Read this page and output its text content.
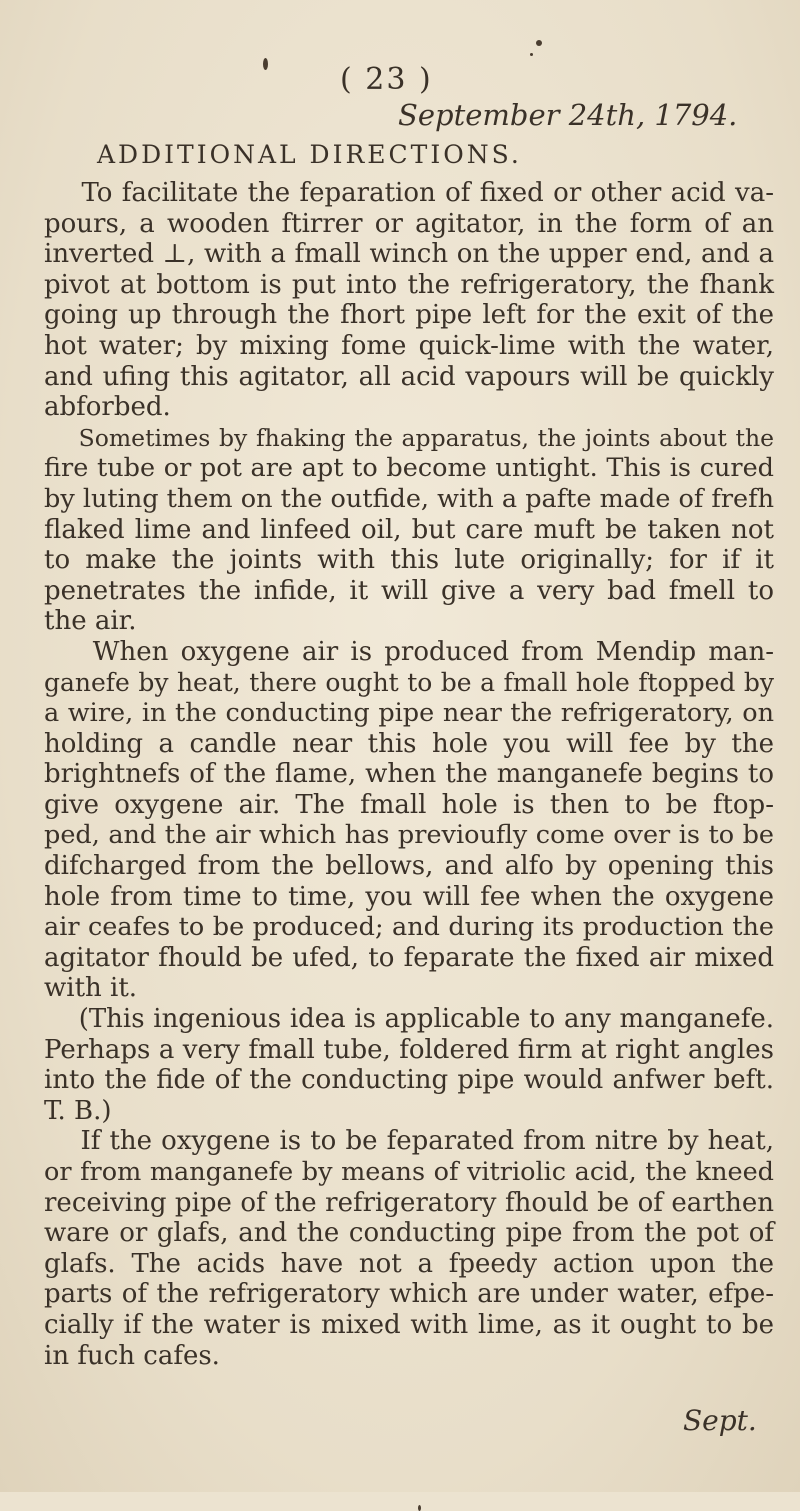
( 23 )
September 24th, 1794.
ADDITIONAL DIRECTIONS.
To facilitate the feparation of fixed or other acid va-
pours, a wooden ftirrer or agitator, in the form of an
inverted ⊥, with a fmall winch on the upper end, and a
pivot at bottom is put into the refrigeratory, the fhank
going up through the fhort pipe left for the exit of the
hot water; by mixing fome quick-lime with the water,
and ufing this agitator, all acid vapours will be quickly
abforbed.
Sometimes by fhaking the apparatus, the joints about the
fire tube or pot are apt to become untight. This is cured
by luting them on the outfide, with a pafte made of frefh
flaked lime and linfeed oil, but care muft be taken not
to make the joints with this lute originally; for if it
penetrates the infide, it will give a very bad fmell to
the air.
When oxygene air is produced from Mendip man-
ganefe by heat, there ought to be a fmall hole ftopped by
a wire, in the conducting pipe near the refrigeratory, on
holding a candle near this hole you will fee by the
brightnefs of the flame, when the manganefe begins to
give oxygene air. The fmall hole is then to be ftop-
ped, and the air which has previoufly come over is to be
difcharged from the bellows, and alfo by opening this
hole from time to time, you will fee when the oxygene
air ceafes to be produced; and during its production the
agitator fhould be ufed, to feparate the fixed air mixed
with it.
(This ingenious idea is applicable to any manganefe.
Perhaps a very fmall tube, foldered firm at right angles
into the fide of the conducting pipe would anfwer beft.
T. B.)
If the oxygene is to be feparated from nitre by heat,
or from manganefe by means of vitriolic acid, the kneed
receiving pipe of the refrigeratory fhould be of earthen
ware or glafs, and the conducting pipe from the pot of
glafs. The acids have not a fpeedy action upon the
parts of the refrigeratory which are under water, efpe-
cially if the water is mixed with lime, as it ought to be
in fuch cafes.
Sept.
